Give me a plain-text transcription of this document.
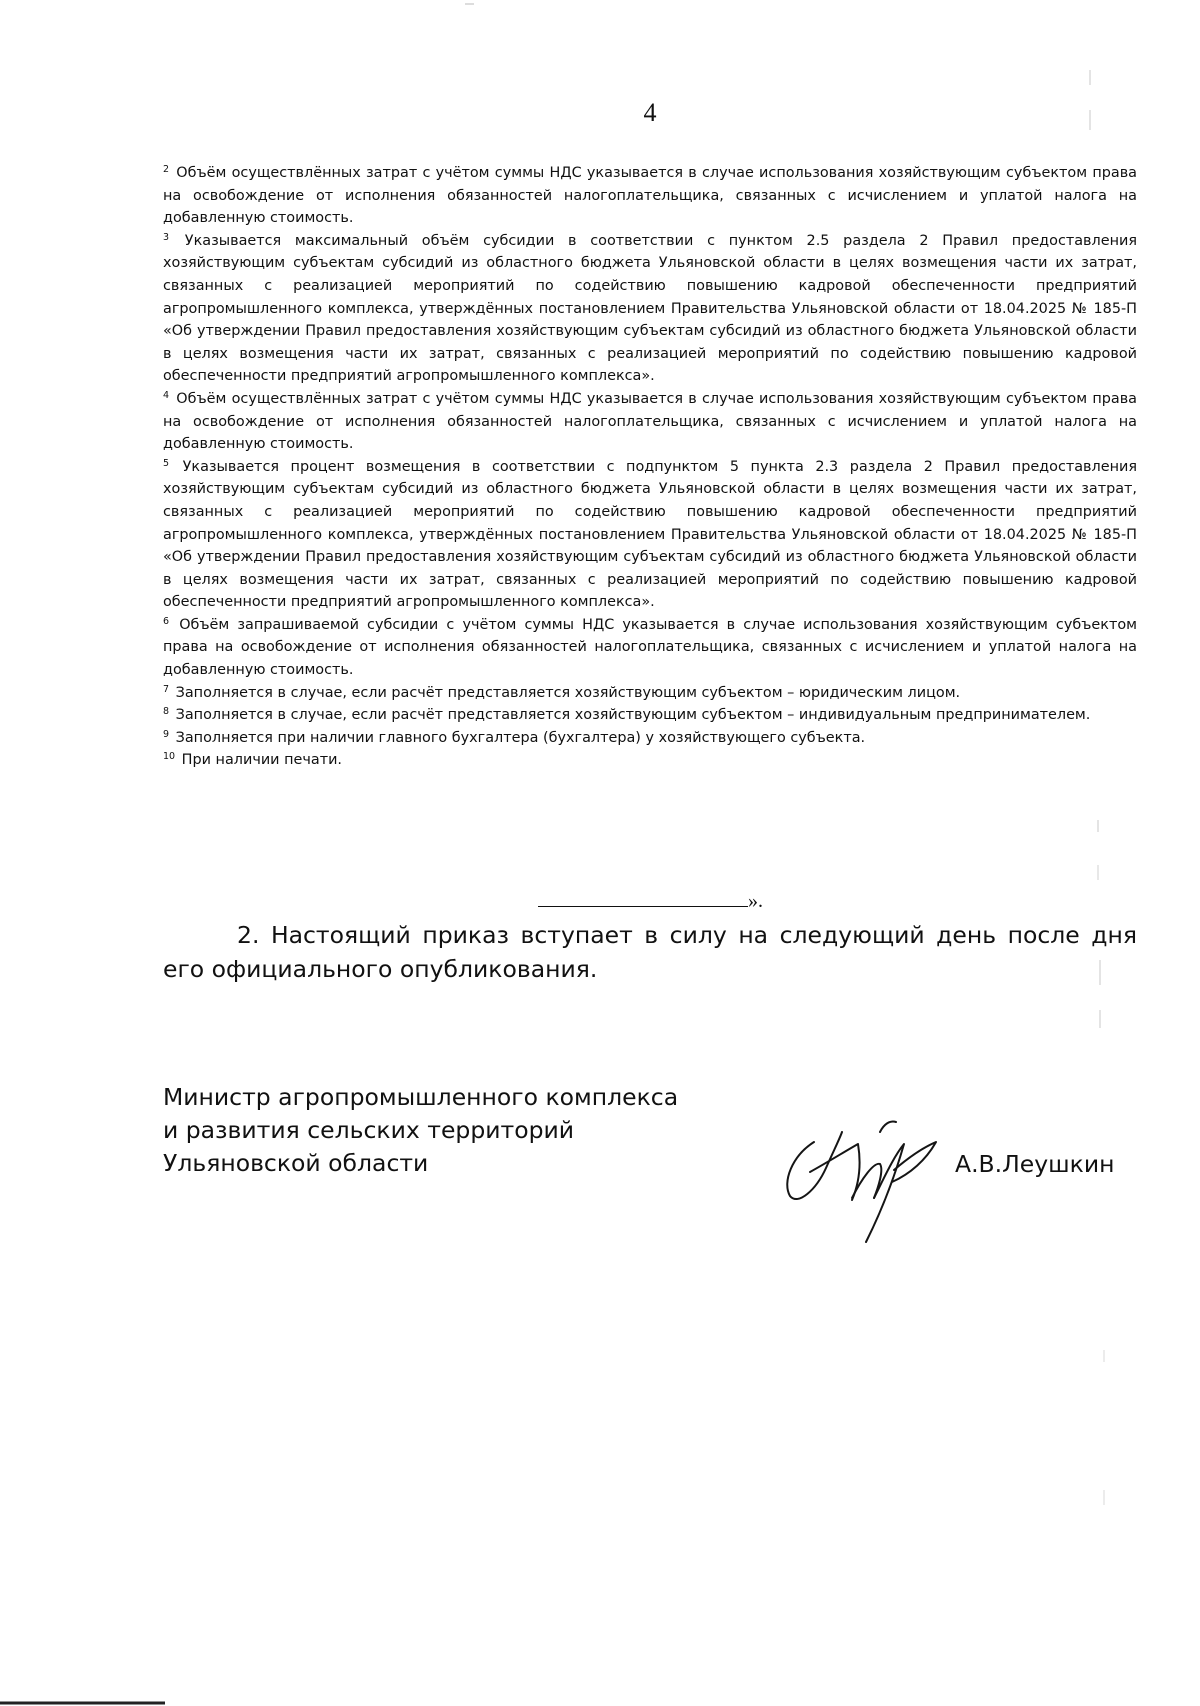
4

$^2$ Объём осуществлённых затрат с учётом суммы НДС указывается в случае использования хозяйствующим субъектом права на освобождение от исполнения обязанностей налогоплательщика, связанных с исчислением и уплатой налога на добавленную стоимость.

$^3$ Указывается максимальный объём субсидии в соответствии с пунктом 2.5 раздела 2 Правил предоставления хозяйствующим субъектам субсидий из областного бюджета Ульяновской области в целях возмещения части их затрат, связанных с реализацией мероприятий по содействию повышению кадровой обеспеченности предприятий агропромышленного комплекса, утверждённых постановлением Правительства Ульяновской области от 18.04.2025 № 185-П «Об утверждении Правил предоставления хозяйствующим субъектам субсидий из областного бюджета Ульяновской области в целях возмещения части их затрат, связанных с реализацией мероприятий по содействию повышению кадровой обеспеченности предприятий агропромышленного комплекса».

$^4$ Объём осуществлённых затрат с учётом суммы НДС указывается в случае использования хозяйствующим субъектом права на освобождение от исполнения обязанностей налогоплательщика, связанных с исчислением и уплатой налога на добавленную стоимость.

$^5$ Указывается процент возмещения в соответствии с подпунктом 5 пункта 2.3 раздела 2 Правил предоставления хозяйствующим субъектам субсидий из областного бюджета Ульяновской области в целях возмещения части их затрат, связанных с реализацией мероприятий по содействию повышению кадровой обеспеченности предприятий агропромышленного комплекса, утверждённых постановлением Правительства Ульяновской области от 18.04.2025 № 185-П «Об утверждении Правил предоставления хозяйствующим субъектам субсидий из областного бюджета Ульяновской области в целях возмещения части их затрат, связанных с реализацией мероприятий по содействию повышению кадровой обеспеченности предприятий агропромышленного комплекса».

$^6$ Объём запрашиваемой субсидии с учётом суммы НДС указывается в случае использования хозяйствующим субъектом права на освобождение от исполнения обязанностей налогоплательщика, связанных с исчислением и уплатой налога на добавленную стоимость.

$^7$ Заполняется в случае, если расчёт представляется хозяйствующим субъектом – юридическим лицом.

$^8$ Заполняется в случае, если расчёт представляется хозяйствующим субъектом – индивидуальным предпринимателем.

$^9$ Заполняется при наличии главного бухгалтера (бухгалтера) у хозяйствующего субъекта.

$^{10}$ При наличии печати.

».

2. Настоящий приказ вступает в силу на следующий день после дня его официального опубликования.

Министр агропромышленного комплекса
и развития сельских территорий
Ульяновской области	А.В.Леушкин
